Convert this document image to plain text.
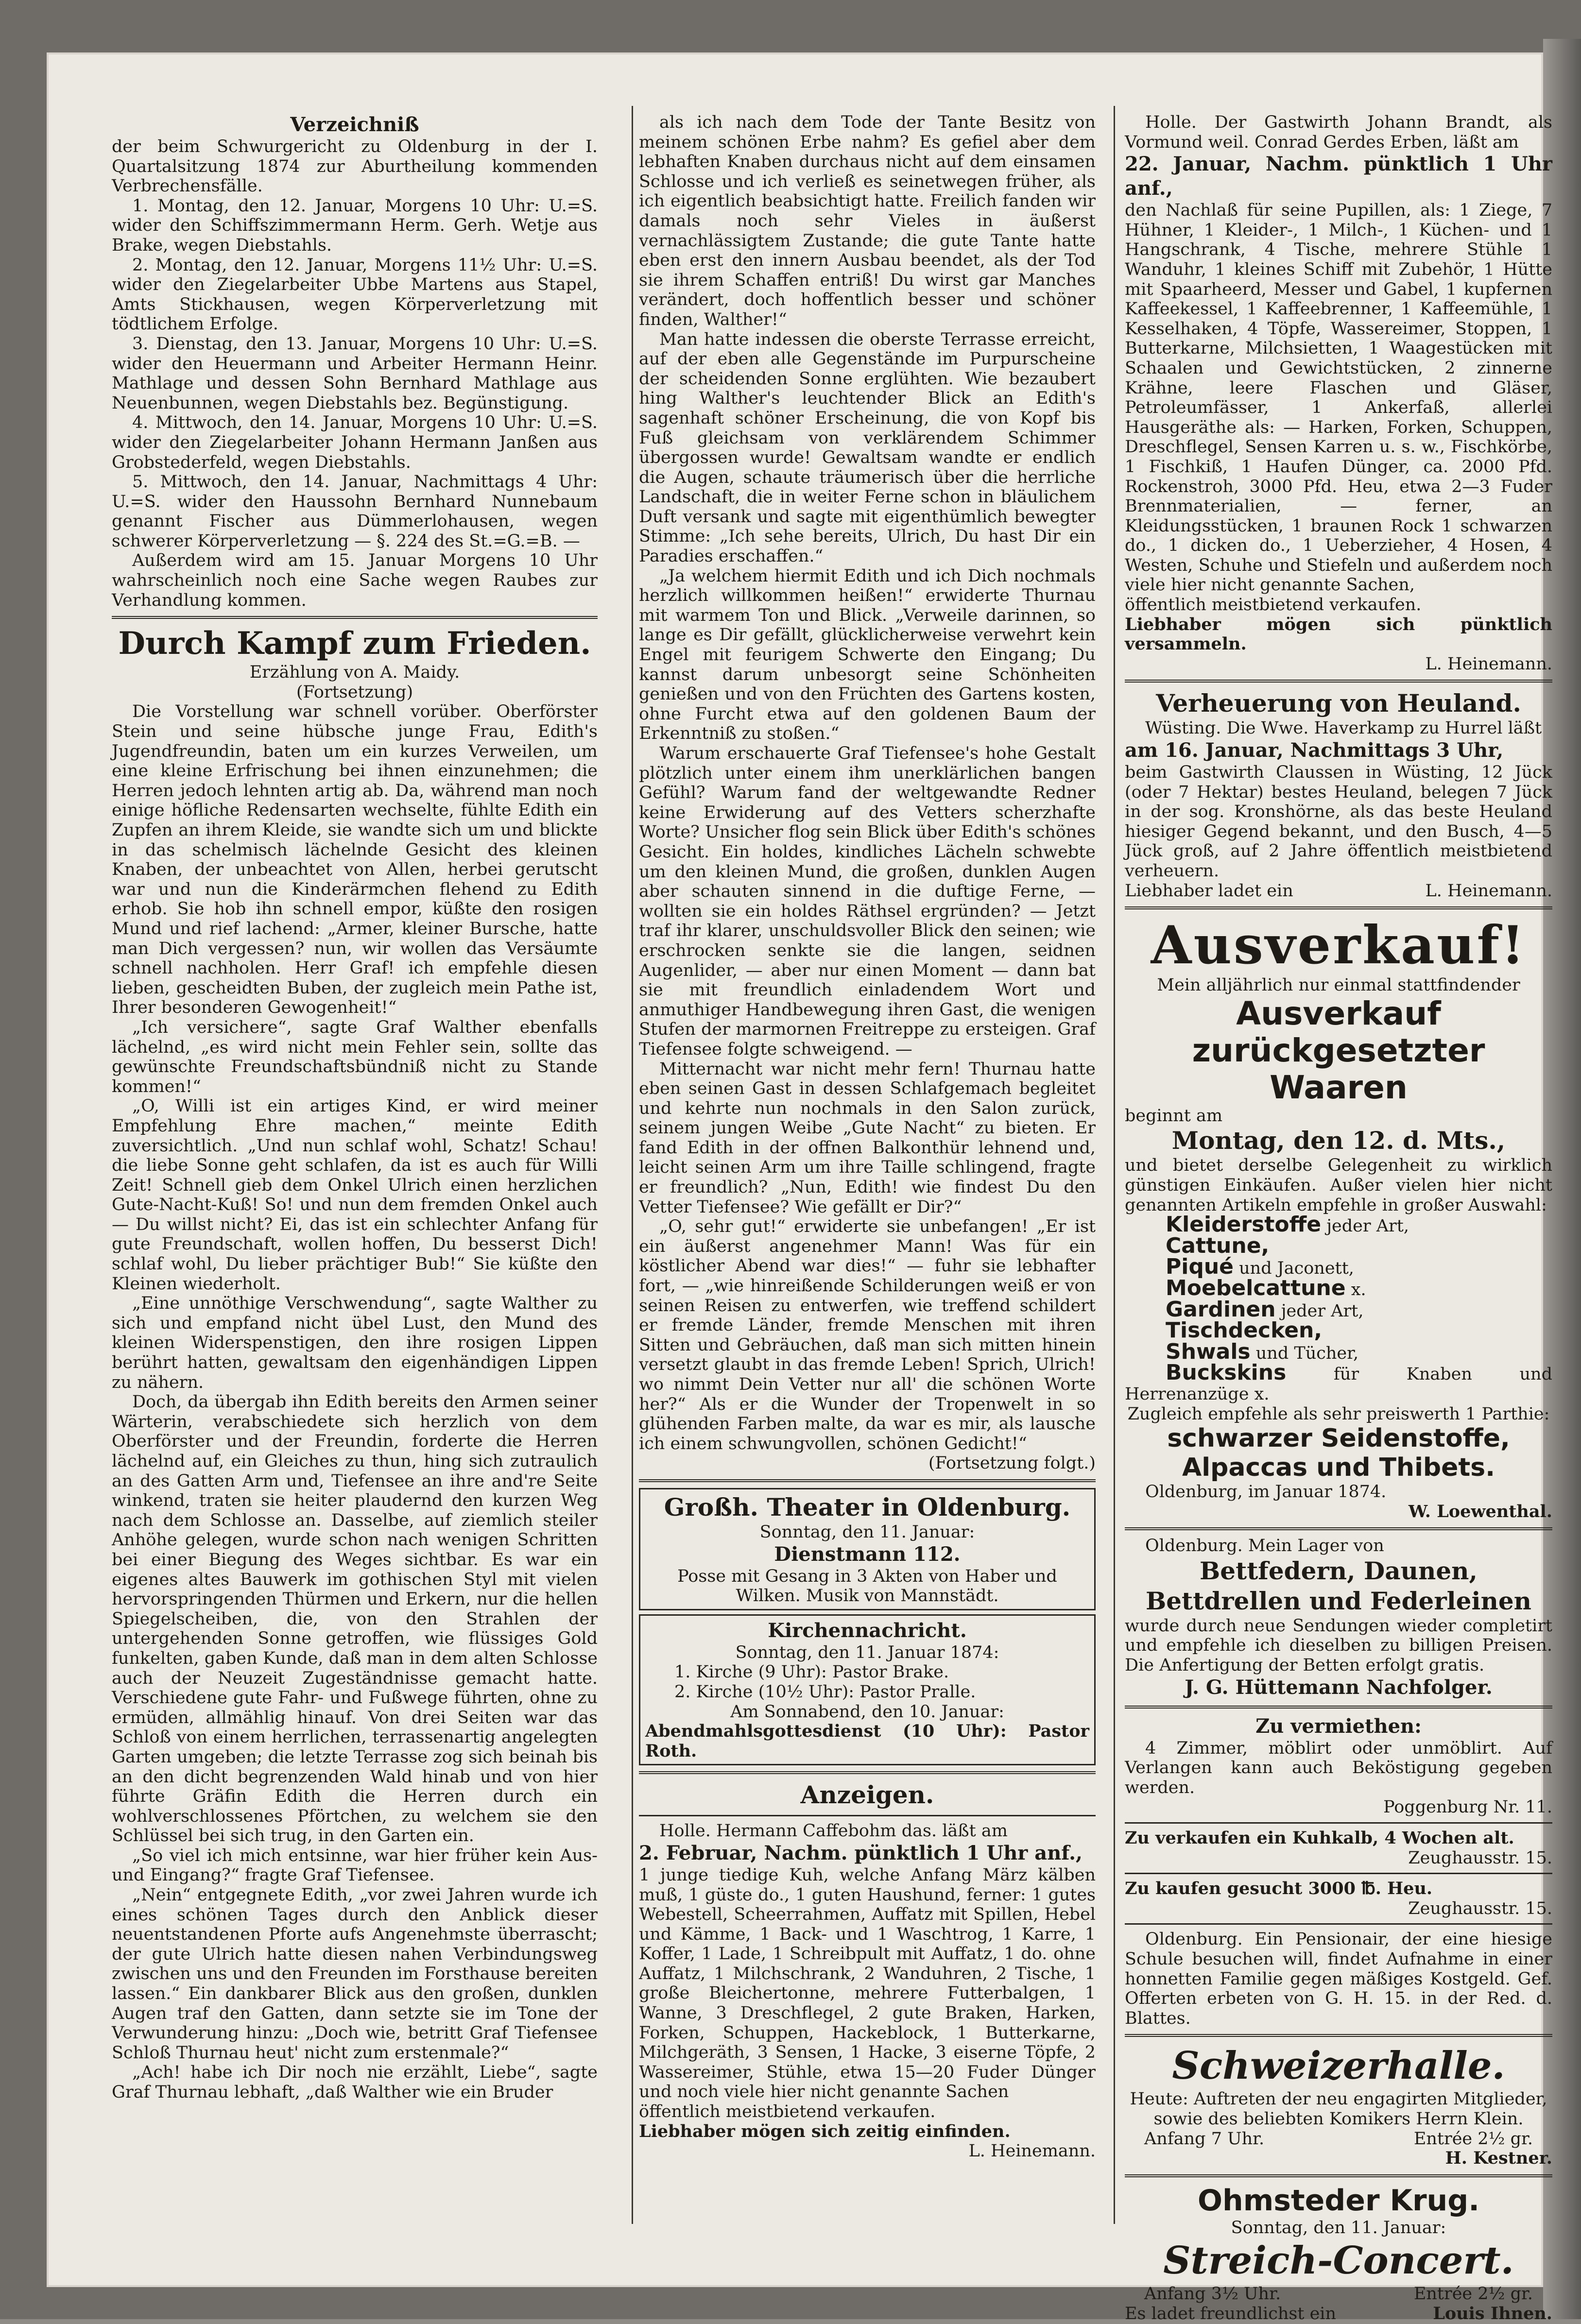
Verzeichniß

der beim Schwurgericht zu Oldenburg in der I. Quartalsitzung 1874 zur Aburtheilung kommenden Verbrechensfälle.

1. Montag, den 12. Januar, Morgens 10 Uhr: U.=S. wider den Schiffszimmermann Herm. Gerh. Wetje aus Brake, wegen Diebstahls.

2. Montag, den 12. Januar, Morgens 11½ Uhr: U.=S. wider den Ziegelarbeiter Ubbe Martens aus Stapel, Amts Stickhausen, wegen Körperverletzung mit tödtlichem Erfolge.

3. Dienstag, den 13. Januar, Morgens 10 Uhr: U.=S. wider den Heuermann und Arbeiter Hermann Heinr. Mathlage und dessen Sohn Bernhard Mathlage aus Neuenbunnen, wegen Diebstahls bez. Begünstigung.

4. Mittwoch, den 14. Januar, Morgens 10 Uhr: U.=S. wider den Ziegelarbeiter Johann Hermann Janßen aus Grobstederfeld, wegen Diebstahls.

5. Mittwoch, den 14. Januar, Nachmittags 4 Uhr: U.=S. wider den Haussohn Bernhard Nunnebaum genannt Fischer aus Dümmerlohausen, wegen schwerer Körperverletzung — §. 224 des St.=G.=B. —

Außerdem wird am 15. Januar Morgens 10 Uhr wahrscheinlich noch eine Sache wegen Raubes zur Verhandlung kommen.

Durch Kampf zum Frieden.

Erzählung von A. Maidy.

(Fortsetzung)

Die Vorstellung war schnell vorüber. Oberförster Stein und seine hübsche junge Frau, Edith's Jugendfreundin, baten um ein kurzes Verweilen, um eine kleine Erfrischung bei ihnen einzunehmen; die Herren jedoch lehnten artig ab. Da, während man noch einige höfliche Redensarten wechselte, fühlte Edith ein Zupfen an ihrem Kleide, sie wandte sich um und blickte in das schelmisch lächelnde Gesicht des kleinen Knaben, der unbeachtet von Allen, herbei gerutscht war und nun die Kinderärmchen flehend zu Edith erhob. Sie hob ihn schnell empor, küßte den rosigen Mund und rief lachend: „Armer, kleiner Bursche, hatte man Dich vergessen? nun, wir wollen das Versäumte schnell nachholen. Herr Graf! ich empfehle diesen lieben, gescheidten Buben, der zugleich mein Pathe ist, Ihrer besonderen Gewogenheit!“

„Ich versichere“, sagte Graf Walther ebenfalls lächelnd, „es wird nicht mein Fehler sein, sollte das gewünschte Freundschaftsbündniß nicht zu Stande kommen!“

„O, Willi ist ein artiges Kind, er wird meiner Empfehlung Ehre machen,“ meinte Edith zuversichtlich. „Und nun schlaf wohl, Schatz! Schau! die liebe Sonne geht schlafen, da ist es auch für Willi Zeit! Schnell gieb dem Onkel Ulrich einen herzlichen Gute-Nacht-Kuß! So! und nun dem fremden Onkel auch — Du willst nicht? Ei, das ist ein schlechter Anfang für gute Freundschaft, wollen hoffen, Du besserst Dich! schlaf wohl, Du lieber prächtiger Bub!“ Sie küßte den Kleinen wiederholt.

„Eine unnöthige Verschwendung“, sagte Walther zu sich und empfand nicht übel Lust, den Mund des kleinen Widerspenstigen, den ihre rosigen Lippen berührt hatten, gewaltsam den eigenhändigen Lippen zu nähern.

Doch, da übergab ihn Edith bereits den Armen seiner Wärterin, verabschiedete sich herzlich von dem Oberförster und der Freundin, forderte die Herren lächelnd auf, ein Gleiches zu thun, hing sich zutraulich an des Gatten Arm und, Tiefensee an ihre and're Seite winkend, traten sie heiter plaudernd den kurzen Weg nach dem Schlosse an. Dasselbe, auf ziemlich steiler Anhöhe gelegen, wurde schon nach wenigen Schritten bei einer Biegung des Weges sichtbar. Es war ein eigenes altes Bauwerk im gothischen Styl mit vielen hervorspringenden Thürmen und Erkern, nur die hellen Spiegelscheiben, die, von den Strahlen der untergehenden Sonne getroffen, wie flüssiges Gold funkelten, gaben Kunde, daß man in dem alten Schlosse auch der Neuzeit Zugeständnisse gemacht hatte. Verschiedene gute Fahr- und Fußwege führten, ohne zu ermüden, allmählig hinauf. Von drei Seiten war das Schloß von einem herrlichen, terrassenartig angelegten Garten umgeben; die letzte Terrasse zog sich beinah bis an den dicht begrenzenden Wald hinab und von hier führte Gräfin Edith die Herren durch ein wohlverschlossenes Pförtchen, zu welchem sie den Schlüssel bei sich trug, in den Garten ein.

„So viel ich mich entsinne, war hier früher kein Aus- und Eingang?“ fragte Graf Tiefensee.

„Nein“ entgegnete Edith, „vor zwei Jahren wurde ich eines schönen Tages durch den Anblick dieser neuentstandenen Pforte aufs Angenehmste überrascht; der gute Ulrich hatte diesen nahen Verbindungsweg zwischen uns und den Freunden im Forsthause bereiten lassen.“ Ein dankbarer Blick aus den großen, dunklen Augen traf den Gatten, dann setzte sie im Tone der Verwunderung hinzu: „Doch wie, betritt Graf Tiefensee Schloß Thurnau heut' nicht zum erstenmale?“

„Ach! habe ich Dir noch nie erzählt, Liebe“, sagte Graf Thurnau lebhaft, „daß Walther wie ein Bruder

als ich nach dem Tode der Tante Besitz von meinem schönen Erbe nahm? Es gefiel aber dem lebhaften Knaben durchaus nicht auf dem einsamen Schlosse und ich verließ es seinetwegen früher, als ich eigentlich beabsichtigt hatte. Freilich fanden wir damals noch sehr Vieles in äußerst vernachlässigtem Zustande; die gute Tante hatte eben erst den innern Ausbau beendet, als der Tod sie ihrem Schaffen entriß! Du wirst gar Manches verändert, doch hoffentlich besser und schöner finden, Walther!“

Man hatte indessen die oberste Terrasse erreicht, auf der eben alle Gegenstände im Purpurscheine der scheidenden Sonne erglühten. Wie bezaubert hing Walther's leuchtender Blick an Edith's sagenhaft schöner Erscheinung, die von Kopf bis Fuß gleichsam von verklärendem Schimmer übergossen wurde! Gewaltsam wandte er endlich die Augen, schaute träumerisch über die herrliche Landschaft, die in weiter Ferne schon in bläulichem Duft versank und sagte mit eigenthümlich bewegter Stimme: „Ich sehe bereits, Ulrich, Du hast Dir ein Paradies erschaffen.“

„Ja welchem hiermit Edith und ich Dich nochmals herzlich willkommen heißen!“ erwiderte Thurnau mit warmem Ton und Blick. „Verweile darinnen, so lange es Dir gefällt, glücklicherweise verwehrt kein Engel mit feurigem Schwerte den Eingang; Du kannst darum unbesorgt seine Schönheiten genießen und von den Früchten des Gartens kosten, ohne Furcht etwa auf den goldenen Baum der Erkenntniß zu stoßen.“

Warum erschauerte Graf Tiefensee's hohe Gestalt plötzlich unter einem ihm unerklärlichen bangen Gefühl? Warum fand der weltgewandte Redner keine Erwiderung auf des Vetters scherzhafte Worte? Unsicher flog sein Blick über Edith's schönes Gesicht. Ein holdes, kindliches Lächeln schwebte um den kleinen Mund, die großen, dunklen Augen aber schauten sinnend in die duftige Ferne, — wollten sie ein holdes Räthsel ergründen? — Jetzt traf ihr klarer, unschuldsvoller Blick den seinen; wie erschrocken senkte sie die langen, seidnen Augenlider, — aber nur einen Moment — dann bat sie mit freundlich einladendem Wort und anmuthiger Handbewegung ihren Gast, die wenigen Stufen der marmornen Freitreppe zu ersteigen. Graf Tiefensee folgte schweigend. —

Mitternacht war nicht mehr fern! Thurnau hatte eben seinen Gast in dessen Schlafgemach begleitet und kehrte nun nochmals in den Salon zurück, seinem jungen Weibe „Gute Nacht“ zu bieten. Er fand Edith in der offnen Balkonthür lehnend und, leicht seinen Arm um ihre Taille schlingend, fragte er freundlich? „Nun, Edith! wie findest Du den Vetter Tiefensee? Wie gefällt er Dir?“

„O, sehr gut!“ erwiderte sie unbefangen! „Er ist ein äußerst angenehmer Mann! Was für ein köstlicher Abend war dies!“ — fuhr sie lebhafter fort, — „wie hinreißende Schilderungen weiß er von seinen Reisen zu entwerfen, wie treffend schildert er fremde Länder, fremde Menschen mit ihren Sitten und Gebräuchen, daß man sich mitten hinein versetzt glaubt in das fremde Leben! Sprich, Ulrich! wo nimmt Dein Vetter nur all' die schönen Worte her?“ Als er die Wunder der Tropenwelt in so glühenden Farben malte, da war es mir, als lausche ich einem schwungvollen, schönen Gedicht!“

(Fortsetzung folgt.)

Großh. Theater in Oldenburg.

Sonntag, den 11. Januar:

Dienstmann 112.

Posse mit Gesang in 3 Akten von Haber und Wilken. Musik von Mannstädt.

Kirchennachricht.

Sonntag, den 11. Januar 1874:

1. Kirche (9 Uhr): Pastor Brake.

2. Kirche (10½ Uhr): Pastor Pralle.

Am Sonnabend, den 10. Januar:

Abendmahlsgottesdienst (10 Uhr): Pastor Roth.

Anzeigen.

Holle. Hermann Caffebohm das. läßt am

2. Februar, Nachm. pünktlich 1 Uhr anf.,

1 junge tiedige Kuh, welche Anfang März kälben muß, 1 güste do., 1 guten Haushund, ferner: 1 gutes Webestell, Scheerrahmen, Auffatz mit Spillen, Hebel und Kämme, 1 Back- und 1 Waschtrog, 1 Karre, 1 Koffer, 1 Lade, 1 Schreibpult mit Auffatz, 1 do. ohne Auffatz, 1 Milchschrank, 2 Wanduhren, 2 Tische, 1 große Bleichertonne, mehrere Futterbalgen, 1 Wanne, 3 Dreschflegel, 2 gute Braken, Harken, Forken, Schuppen, Hackeblock, 1 Butterkarne, Milchgeräth, 3 Sensen, 1 Hacke, 3 eiserne Töpfe, 2 Wassereimer, Stühle, etwa 15—20 Fuder Dünger und noch viele hier nicht genannte Sachen

öffentlich meistbietend verkaufen.

Liebhaber mögen sich zeitig einfinden.

L. Heinemann.

Holle. Der Gastwirth Johann Brandt, als Vormund weil. Conrad Gerdes Erben, läßt am

22. Januar, Nachm. pünktlich 1 Uhr anf.,

den Nachlaß für seine Pupillen, als: 1 Ziege, 7 Hühner, 1 Kleider-, 1 Milch-, 1 Küchen- und 1 Hangschrank, 4 Tische, mehrere Stühle 1 Wanduhr, 1 kleines Schiff mit Zubehör, 1 Hütte mit Spaarheerd, Messer und Gabel, 1 kupfernen Kaffeekessel, 1 Kaffeebrenner, 1 Kaffeemühle, 1 Kesselhaken, 4 Töpfe, Wassereimer, Stoppen, 1 Butterkarne, Milchsietten, 1 Waagestücken mit Schaalen und Gewichtstücken, 2 zinnerne Krähne, leere Flaschen und Gläser, Petroleumfässer, 1 Ankerfaß, allerlei Hausgeräthe als: — Harken, Forken, Schuppen, Dreschflegel, Sensen Karren u. s. w., Fischkörbe, 1 Fischkiß, 1 Haufen Dünger, ca. 2000 Pfd. Rockenstroh, 3000 Pfd. Heu, etwa 2—3 Fuder Brennmaterialien, — ferner, an Kleidungsstücken, 1 braunen Rock 1 schwarzen do., 1 dicken do., 1 Ueberzieher, 4 Hosen, 4 Westen, Schuhe und Stiefeln und außerdem noch viele hier nicht genannte Sachen,

öffentlich meistbietend verkaufen.

Liebhaber mögen sich pünktlich versammeln.

L. Heinemann.

Verheuerung von Heuland.

Wüsting. Die Wwe. Haverkamp zu Hurrel läßt

am 16. Januar, Nachmittags 3 Uhr,

beim Gastwirth Claussen in Wüsting, 12 Jück (oder 7 Hektar) bestes Heuland, belegen 7 Jück in der sog. Kronshörne, als das beste Heuland hiesiger Gegend bekannt, und den Busch, 4—5 Jück groß, auf 2 Jahre öffentlich meistbietend verheuern.

Liebhaber ladet ein	L. Heinemann.
Ausverkauf!

Mein alljährlich nur einmal stattfindender

Ausverkauf zurückgesetzter Waaren

beginnt am

Montag, den 12. d. Mts.,

und bietet derselbe Gelegenheit zu wirklich günstigen Einkäufen. Außer vielen hier nicht genannten Artikeln empfehle in großer Auswahl:

Kleiderstoffe jeder Art,

Cattune,

Piqué und Jaconett,

Moebelcattune x.

Gardinen jeder Art,

Tischdecken,

Shwals und Tücher,

Buckskins für Knaben und Herrenanzüge x.

Zugleich empfehle als sehr preiswerth 1 Parthie:

schwarzer Seidenstoffe,
Alpaccas und Thibets.

Oldenburg, im Januar 1874.

W. Loewenthal.

Oldenburg. Mein Lager von

Bettfedern, Daunen, Bettdrellen und Federleinen

wurde durch neue Sendungen wieder completirt und empfehle ich dieselben zu billigen Preisen. Die Anfertigung der Betten erfolgt gratis.

J. G. Hüttemann Nachfolger.

Zu vermiethen:

4 Zimmer, möblirt oder unmöblirt. Auf Verlangen kann auch Beköstigung gegeben werden.

Poggenburg Nr. 11.

Zu verkaufen ein Kuhkalb, 4 Wochen alt.

Zeughausstr. 15.

Zu kaufen gesucht 3000 ℔. Heu.

Zeughausstr. 15.

Oldenburg. Ein Pensionair, der eine hiesige Schule besuchen will, findet Aufnahme in einer honnetten Familie gegen mäßiges Kostgeld. Gef. Offerten erbeten von G. H. 15. in der Red. d. Blattes.

Schweizerhalle.

Heute: Auftreten der neu engagirten Mitglieder, sowie des beliebten Komikers Herrn Klein.

Anfang 7 Uhr.	Entrée 2½ gr.

H. Kestner.

Ohmsteder Krug.

Sonntag, den 11. Januar:

Streich-Concert.
Anfang 3½ Uhr.	Entrée 2½ gr.
Es ladet freundlichst ein	Louis Ihnen.
